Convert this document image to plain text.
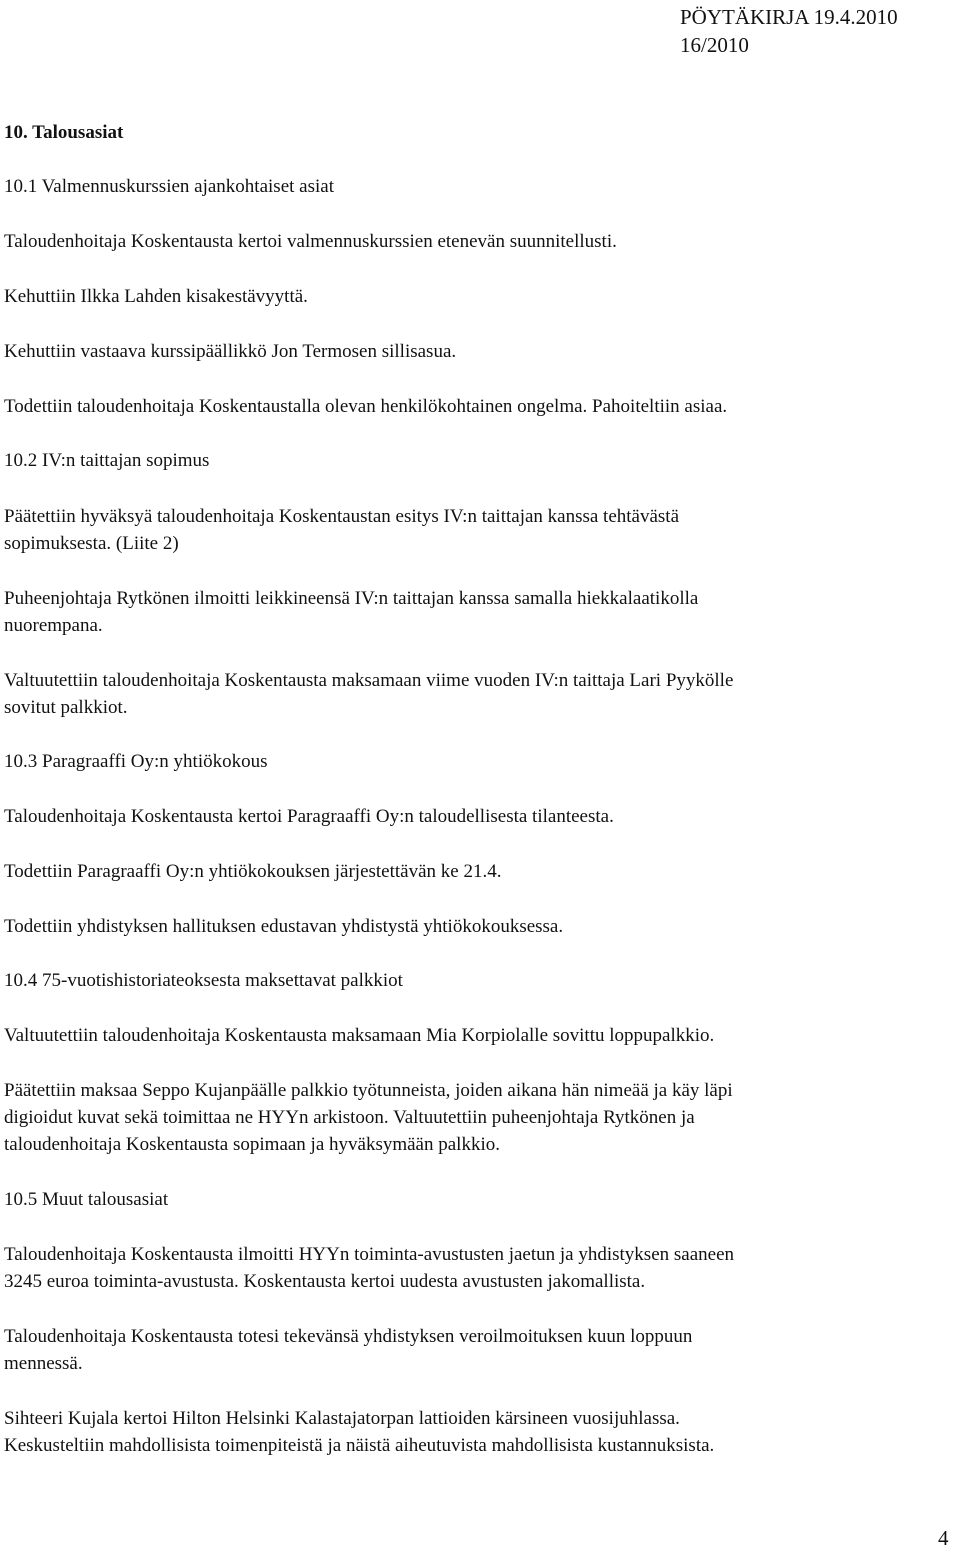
PÖYTÄKIRJA 19.4.2010
16/2010
10. Talousasiat
10.1 Valmennuskurssien ajankohtaiset asiat
Taloudenhoitaja Koskentausta kertoi valmennuskurssien etenevän suunnitellusti.
Kehuttiin Ilkka Lahden kisakestävyyttä.
Kehuttiin vastaava kurssipäällikkö Jon Termosen sillisasua.
Todettiin taloudenhoitaja Koskentaustalla olevan henkilökohtainen ongelma. Pahoiteltiin asiaa.
10.2 IV:n taittajan sopimus
Päätettiin hyväksyä taloudenhoitaja Koskentaustan esitys IV:n taittajan kanssa tehtävästä
sopimuksesta. (Liite 2)
Puheenjohtaja Rytkönen ilmoitti leikkineensä IV:n taittajan kanssa samalla hiekkalaatikolla
nuorempana.
Valtuutettiin taloudenhoitaja Koskentausta maksamaan viime vuoden IV:n taittaja Lari Pyykölle
sovitut palkkiot.
10.3 Paragraaffi Oy:n yhtiökokous
Taloudenhoitaja Koskentausta kertoi Paragraaffi Oy:n taloudellisesta tilanteesta.
Todettiin Paragraaffi Oy:n yhtiökokouksen järjestettävän ke 21.4.
Todettiin yhdistyksen hallituksen edustavan yhdistystä yhtiökokouksessa.
10.4 75-vuotishistoriateoksesta maksettavat palkkiot
Valtuutettiin taloudenhoitaja Koskentausta maksamaan Mia Korpiolalle sovittu loppupalkkio.
Päätettiin maksaa Seppo Kujanpäälle palkkio työtunneista, joiden aikana hän nimeää ja käy läpi
digioidut kuvat sekä toimittaa ne HYYn arkistoon. Valtuutettiin puheenjohtaja Rytkönen ja
taloudenhoitaja Koskentausta sopimaan ja hyväksymään palkkio.
10.5 Muut talousasiat
Taloudenhoitaja Koskentausta ilmoitti HYYn toiminta-avustusten jaetun ja yhdistyksen saaneen
3245 euroa toiminta-avustusta. Koskentausta kertoi uudesta avustusten jakomallista.
Taloudenhoitaja Koskentausta totesi tekevänsä yhdistyksen veroilmoituksen kuun loppuun
mennessä.
Sihteeri Kujala kertoi Hilton Helsinki Kalastajatorpan lattioiden kärsineen vuosijuhlassa.
Keskusteltiin mahdollisista toimenpiteistä ja näistä aiheutuvista mahdollisista kustannuksista.
4
